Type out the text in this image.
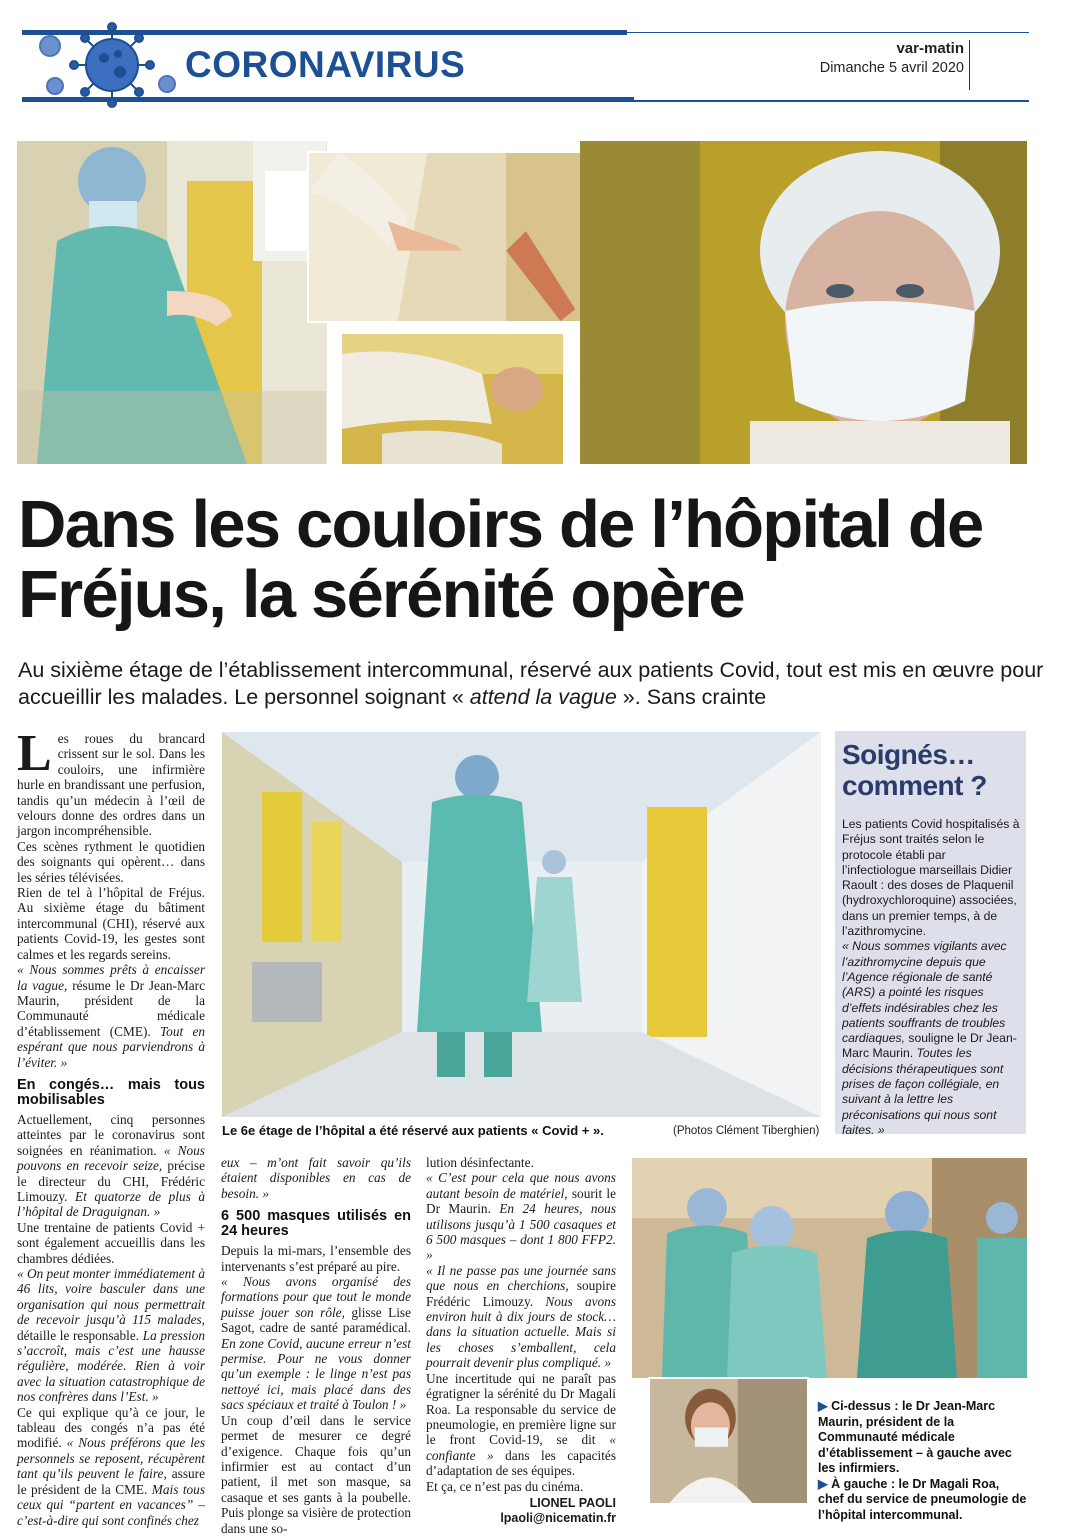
CORONAVIRUS	var-matin
Dimanche 5 avril 2020
Dans les couloirs de l’hôpital de Fréjus, la sérénité opère
Au sixième étage de l’établissement intercommunal, réservé aux patients Covid, tout est mis en œuvre pour accueillir les malades. Le personnel soignant « attend la vague ». Sans crainte
Le 6e étage de l’hôpital a été réservé aux patients « Covid + ».	(Photos Clément Tiberghien)
Soignés… comment ?

Les patients Covid hospitalisés à Fréjus sont traités selon le protocole établi par l’infectiologue marseillais Didier Raoult : des doses de Plaquenil (hydroxychloroquine) associées, dans un premier temps, à de l’azithromycine.

« Nous sommes vigilants avec l’azithromycine depuis que l’Agence régionale de santé (ARS) a pointé les risques d’effets indésirables chez les patients souffrants de troubles cardiaques, souligne le Dr Jean-Marc Maurin. Toutes les décisions thérapeutiques sont prises de façon collégiale, en suivant à la lettre les préconisations qui nous sont faites. »

Les roues du brancard crissent sur le sol. Dans les couloirs, une infirmière hurle en brandissant une perfusion, tandis qu’un médecin à l’œil de velours donne des ordres dans un jargon incompréhensible.

Ces scènes rythment le quotidien des soignants qui opèrent… dans les séries télévisées.

Rien de tel à l’hôpital de Fréjus. Au sixième étage du bâtiment intercommunal (CHI), réservé aux patients Covid-19, les gestes sont calmes et les regards sereins.

« Nous sommes prêts à encaisser la vague, résume le Dr Jean-Marc Maurin, président de la Communauté médicale d’établissement (CME). Tout en espérant que nous parviendrons à l’éviter. »

En congés… mais tous mobilisables

Actuellement, cinq personnes atteintes par le coronavirus sont soignées en réanimation. « Nous pouvons en recevoir seize, précise le directeur du CHI, Frédéric Limouzy. Et quatorze de plus à l’hôpital de Draguignan. »

Une trentaine de patients Covid + sont également accueillis dans les chambres dédiées.

« On peut monter immédiatement à 46 lits, voire basculer dans une organisation qui nous permettrait de recevoir jusqu’à 115 malades, détaille le responsable. La pression s’accroît, mais c’est une hausse régulière, modérée. Rien à voir avec la situation catastrophique de nos confrères dans l’Est. »

Ce qui explique qu’à ce jour, le tableau des congés n’a pas été modifié. « Nous préférons que les personnels se reposent, récupèrent tant qu’ils peuvent le faire, assure le président de la CME. Mais tous ceux qui “partent en vacances” – c’est-à-dire qui sont confinés chez

eux – m’ont fait savoir qu’ils étaient disponibles en cas de besoin. »

6 500 masques utilisés en 24 heures

Depuis la mi-mars, l’ensemble des intervenants s’est préparé au pire.

« Nous avons organisé des formations pour que tout le monde puisse jouer son rôle, glisse Lise Sagot, cadre de santé paramédical. En zone Covid, aucune erreur n’est permise. Pour ne vous donner qu’un exemple : le linge n’est pas nettoyé ici, mais placé dans des sacs spéciaux et traité à Toulon ! »

Un coup d’œil dans le service permet de mesurer ce degré d’exigence. Chaque fois qu’un infirmier est au contact d’un patient, il met son masque, sa casaque et ses gants à la poubelle. Puis plonge sa visière de protection dans une so-

lution désinfectante.

« C’est pour cela que nous avons autant besoin de matériel, sourit le Dr Maurin. En 24 heures, nous utilisons jusqu’à 1 500 casaques et 6 500 masques – dont 1 800 FFP2. »

« Il ne passe pas une journée sans que nous en cherchions, soupire Frédéric Limouzy. Nous avons environ huit à dix jours de stock… dans la situation actuelle. Mais si les choses s’emballent, cela pourrait devenir plus compliqué. »

Une incertitude qui ne paraît pas égratigner la sérénité du Dr Magali Roa. La responsable du service de pneumologie, en première ligne sur le front Covid-19, se dit « confiante » dans les capacités d’adaptation de ses équipes.

Et ça, ce n’est pas du cinéma.

LIONEL PAOLI
lpaoli@nicematin.fr
▶ Ci-dessus : le Dr Jean-Marc Maurin, président de la Communauté médicale d’établissement – à gauche avec les infirmiers.
▶ À gauche : le Dr Magali Roa, chef du service de pneumologie de l’hôpital intercommunal.
